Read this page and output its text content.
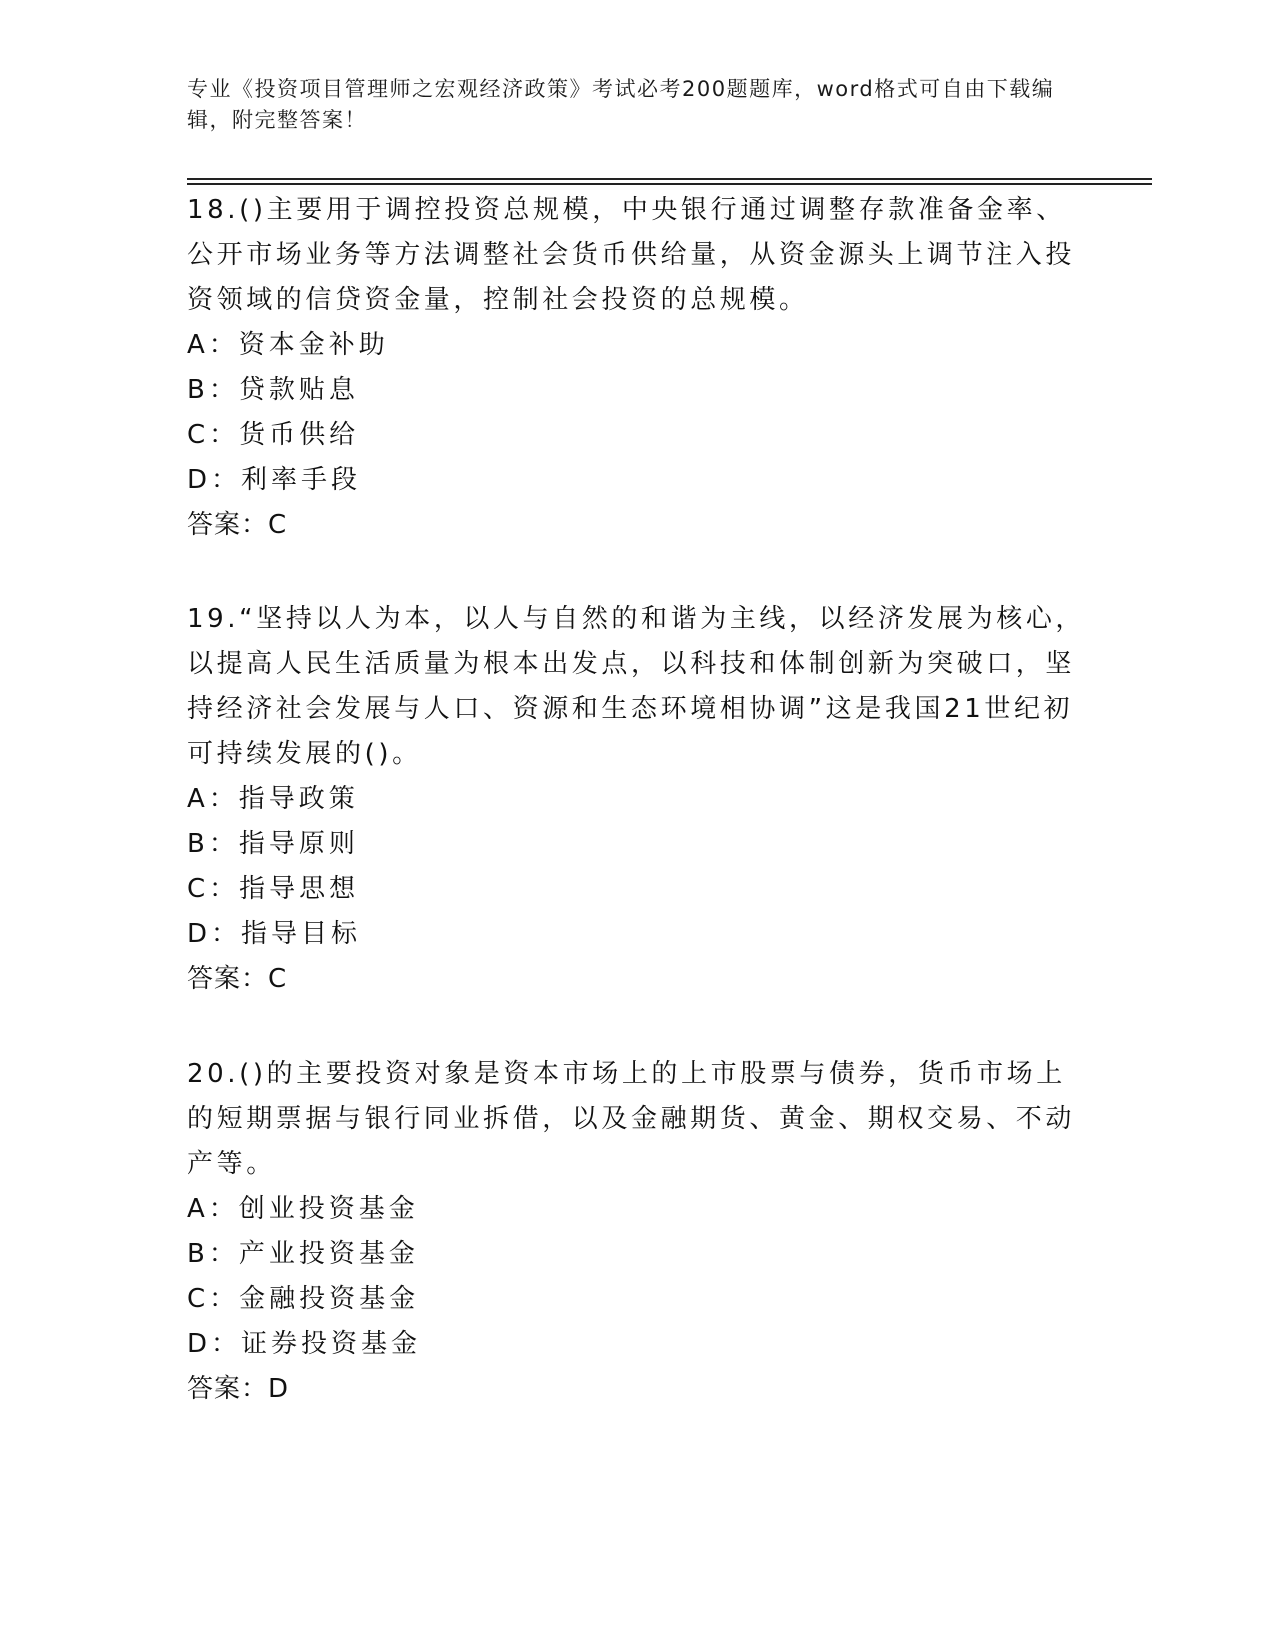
专业《投资项目管理师之宏观经济政策》考试必考200题题库，word格式可自由下载编辑，附完整答案！

18.()主要用于调控投资总规模，中央银行通过调整存款准备金率、公开市场业务等方法调整社会货币供给量，从资金源头上调节注入投资领域的信贷资金量，控制社会投资的总规模。

A：资本金补助

B：贷款贴息

C：货币供给

D：利率手段

答案：C

19.“坚持以人为本，以人与自然的和谐为主线，以经济发展为核心，以提高人民生活质量为根本出发点，以科技和体制创新为突破口，坚持经济社会发展与人口、资源和生态环境相协调”这是我国21世纪初可持续发展的()。

A：指导政策

B：指导原则

C：指导思想

D：指导目标

答案：C

20.()的主要投资对象是资本市场上的上市股票与债券，货币市场上的短期票据与银行同业拆借，以及金融期货、黄金、期权交易、不动产等。

A：创业投资基金

B：产业投资基金

C：金融投资基金

D：证券投资基金

答案：D
